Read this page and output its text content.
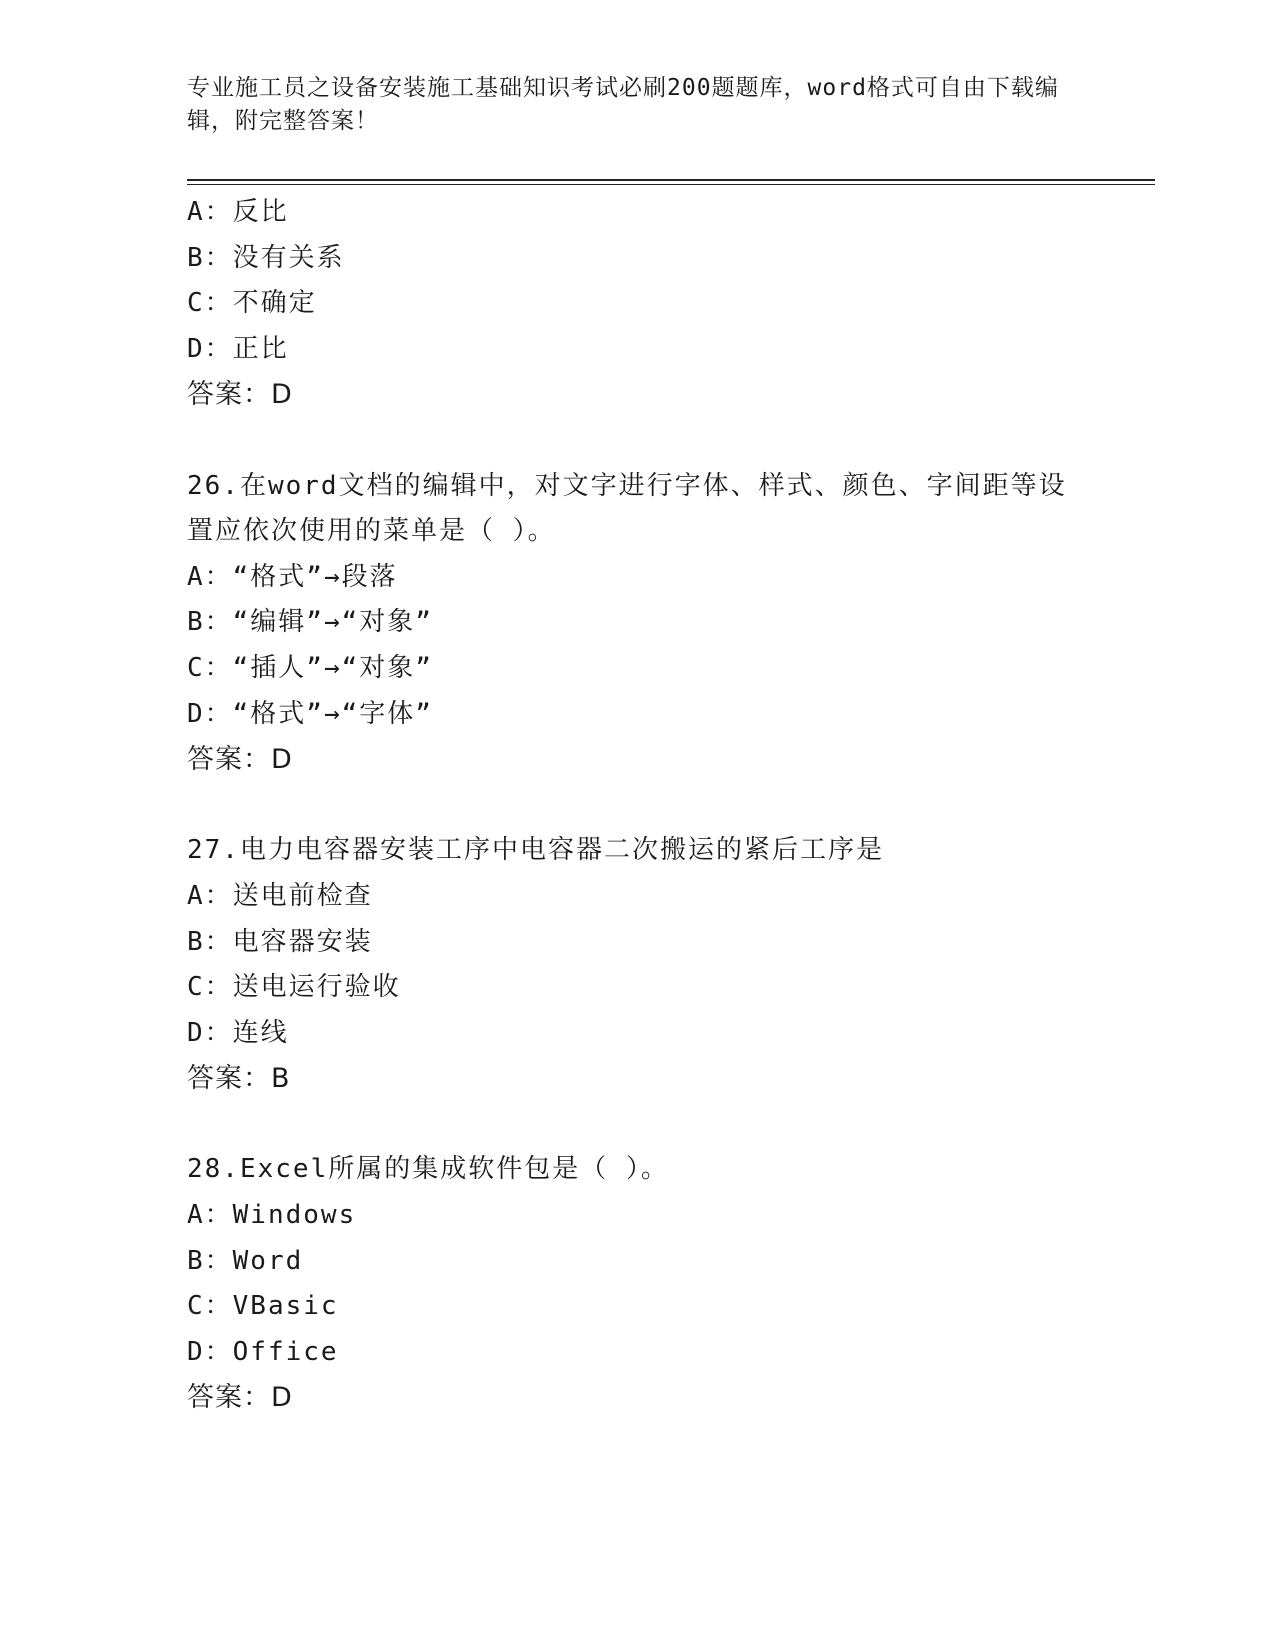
专业施工员之设备安装施工基础知识考试必刷200题题库，word格式可自由下载编辑，附完整答案！
A：反比
B：没有关系
C：不确定
D：正比
答案：D
26.在word文档的编辑中，对文字进行字体、样式、颜色、字间距等设置应依次使用的菜单是（ ）。
A：“格式”→段落
B：“编辑”→“对象”
C：“插人”→“对象”
D：“格式”→“字体”
答案：D
27.电力电容器安装工序中电容器二次搬运的紧后工序是
A：送电前检查
B：电容器安装
C：送电运行验收
D：连线
答案：B
28.Excel所属的集成软件包是（ ）。
A：Windows
B：Word
C：VBasic
D：Office
答案：D
